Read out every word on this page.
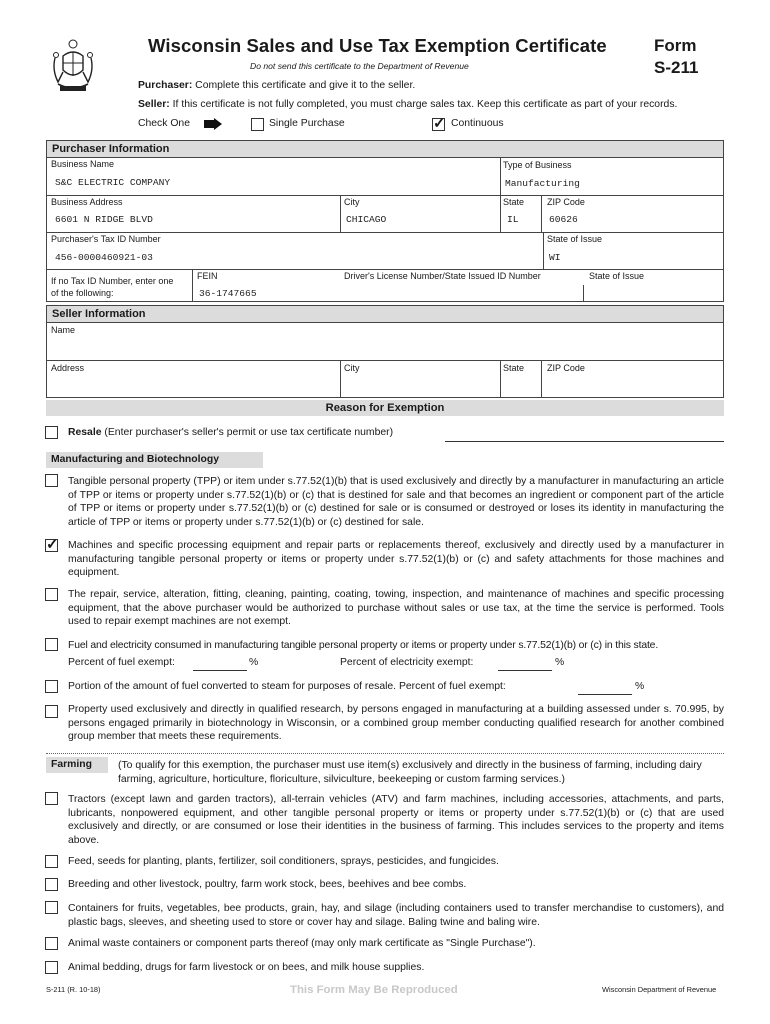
Wisconsin Sales and Use Tax Exemption Certificate
Do not send this certificate to the Department of Revenue
Form
S-211
Purchaser: Complete this certificate and give it to the seller.
Seller: If this certificate is not fully completed, you must charge sales tax. Keep this certificate as part of your records.
Check One	Single Purchase	✓ Continuous
Purchaser Information
Business Name
S&C ELECTRIC COMPANY
Type of Business
Manufacturing
Business Address
6601 N RIDGE BLVD
City
CHICAGO
State
IL
ZIP Code
60626
Purchaser's Tax ID Number
456-0000460921-03
State of Issue
WI
If no Tax ID Number, enter one
of the following:
FEIN
36-1747665
Driver's License Number/State Issued ID Number	State of Issue
Seller Information
Name
Address	City	State	ZIP Code
Reason for Exemption
Resale (Enter purchaser's seller's permit or use tax certificate number)
Manufacturing and Biotechnology
Tangible personal property (TPP) or item under s.77.52(1)(b) that is used exclusively and directly by a manufacturer in manufacturing an article of TPP or items or property under s.77.52(1)(b) or (c) that is destined for sale and that becomes an ingredient or component part of the article of TPP or items or property under s.77.52(1)(b) or (c) destined for sale or is consumed or destroyed or loses its identity in manufacturing the article of TPP or items or property under s.77.52(1)(b) or (c) destined for sale.
✓ Machines and specific processing equipment and repair parts or replacements thereof, exclusively and directly used by a manufacturer in manufacturing tangible personal property or items or property under s.77.52(1)(b) or (c) and safety attachments for those machines and equipment.
The repair, service, alteration, fitting, cleaning, painting, coating, towing, inspection, and maintenance of machines and specific processing equipment, that the above purchaser would be authorized to purchase without sales or use tax, at the time the service is performed. Tools used to repair exempt machines are not exempt.
Fuel and electricity consumed in manufacturing tangible personal property or items or property under s.77.52(1)(b) or (c) in this state.
Percent of fuel exempt:	%	Percent of electricity exempt:	%
Portion of the amount of fuel converted to steam for purposes of resale. Percent of fuel exempt:	%
Property used exclusively and directly in qualified research, by persons engaged in manufacturing at a building assessed under s. 70.995, by persons engaged primarily in biotechnology in Wisconsin, or a combined group member conducting qualified research for another combined group member that meets these requirements.
Farming	(To qualify for this exemption, the purchaser must use item(s) exclusively and directly in the business of farming, including dairy farming, agriculture, horticulture, floriculture, silviculture, beekeeping or custom farming services.)
Tractors (except lawn and garden tractors), all-terrain vehicles (ATV) and farm machines, including accessories, attachments, and parts, lubricants, nonpowered equipment, and other tangible personal property or items or property under s.77.52(1)(b) or (c) that are used exclusively and directly, or are consumed or lose their identities in the business of farming. This includes services to the property and items above.
Feed, seeds for planting, plants, fertilizer, soil conditioners, sprays, pesticides, and fungicides.
Breeding and other livestock, poultry, farm work stock, bees, beehives and bee combs.
Containers for fruits, vegetables, bee products, grain, hay, and silage (including containers used to transfer merchandise to customers), and plastic bags, sleeves, and sheeting used to store or cover hay and silage. Baling twine and baling wire.
Animal waste containers or component parts thereof (may only mark certificate as "Single Purchase").
Animal bedding, drugs for farm livestock or on bees, and milk house supplies.
S-211 (R. 10-18)	This Form May Be Reproduced	Wisconsin Department of Revenue
